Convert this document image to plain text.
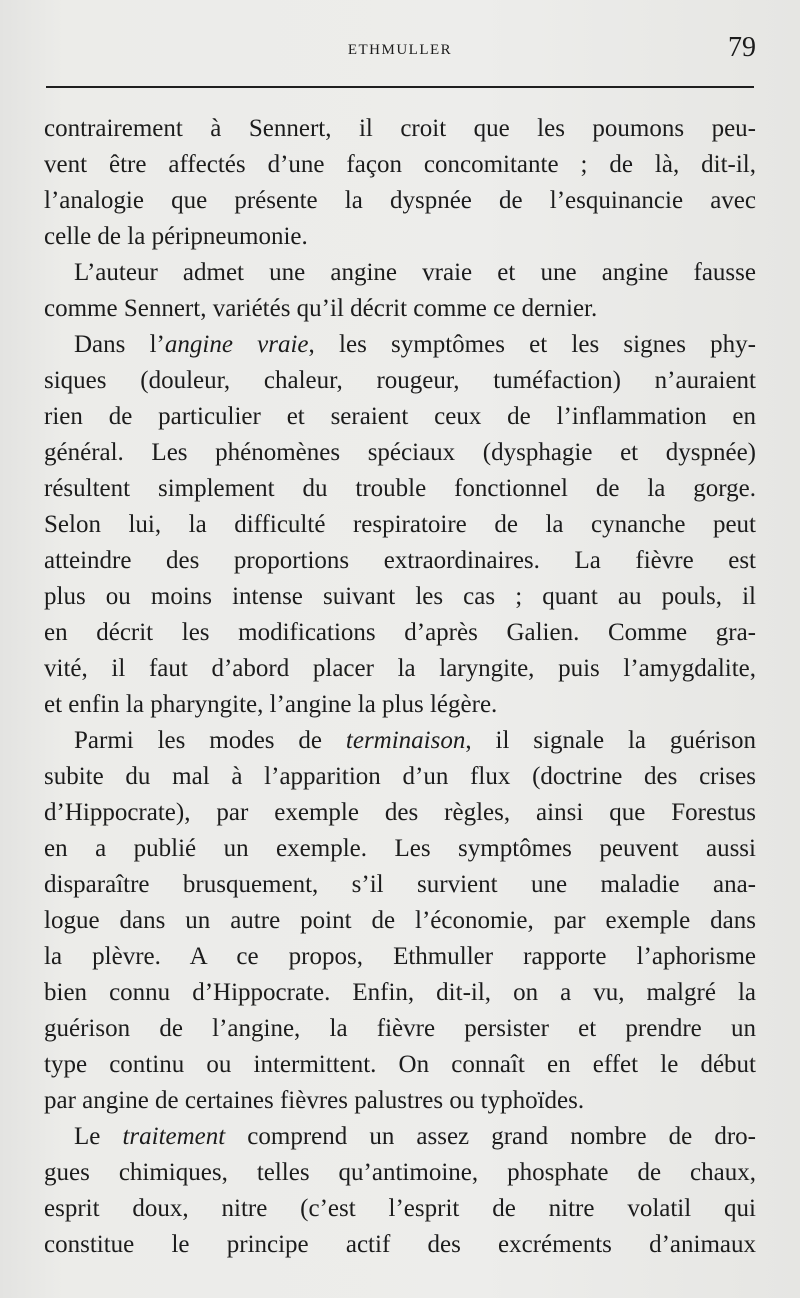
ETHMULLER	79
contrairement à Sennert, il croit que les poumons peu-
vent être affectés d’une façon concomitante ; de là, dit-il,
l’analogie que présente la dyspnée de l’esquinancie avec
celle de la péripneumonie.
L’auteur admet une angine vraie et une angine fausse
comme Sennert, variétés qu’il décrit comme ce dernier.
Dans l’angine vraie, les symptômes et les signes phy-
siques (douleur, chaleur, rougeur, tuméfaction) n’auraient
rien de particulier et seraient ceux de l’inflammation en
général. Les phénomènes spéciaux (dysphagie et dyspnée)
résultent simplement du trouble fonctionnel de la gorge.
Selon lui, la difficulté respiratoire de la cynanche peut
atteindre des proportions extraordinaires. La fièvre est
plus ou moins intense suivant les cas ; quant au pouls, il
en décrit les modifications d’après Galien. Comme gra-
vité, il faut d’abord placer la laryngite, puis l’amygdalite,
et enfin la pharyngite, l’angine la plus légère.
Parmi les modes de terminaison, il signale la guérison
subite du mal à l’apparition d’un flux (doctrine des crises
d’Hippocrate), par exemple des règles, ainsi que Forestus
en a publié un exemple. Les symptômes peuvent aussi
disparaître brusquement, s’il survient une maladie ana-
logue dans un autre point de l’économie, par exemple dans
la plèvre. A ce propos, Ethmuller rapporte l’aphorisme
bien connu d’Hippocrate. Enfin, dit-il, on a vu, malgré la
guérison de l’angine, la fièvre persister et prendre un
type continu ou intermittent. On connaît en effet le début
par angine de certaines fièvres palustres ou typhoïdes.
Le traitement comprend un assez grand nombre de dro-
gues chimiques, telles qu’antimoine, phosphate de chaux,
esprit doux, nitre (c’est l’esprit de nitre volatil qui
constitue le principe actif des excréments d’animaux
